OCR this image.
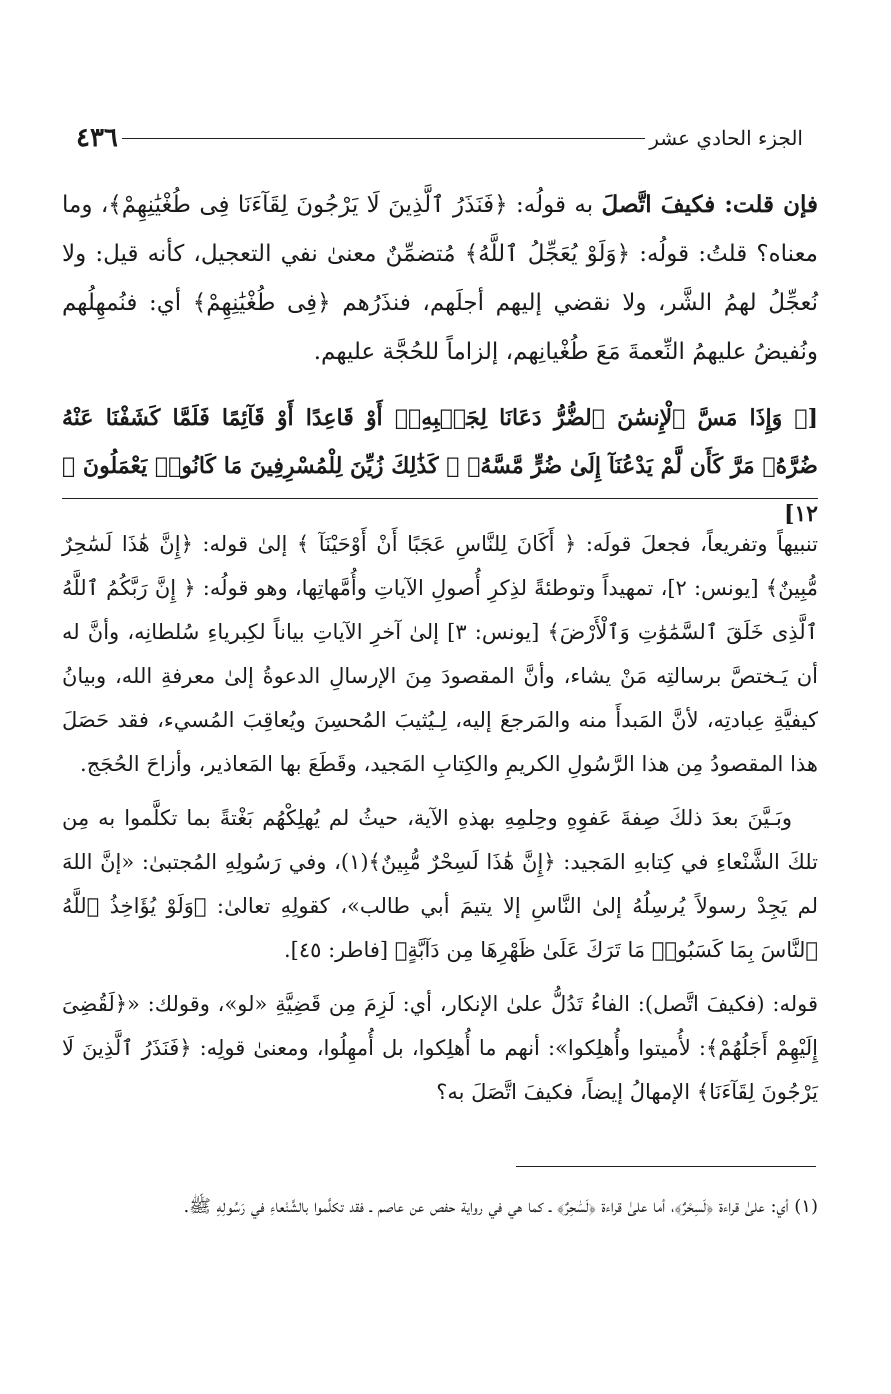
الجزء الحادي عشر
٤٣٦

فإن قلت: فكيفَ اتَّصلَ به قولُه: ﴿فَنَذَرُ ٱلَّذِينَ لَا يَرْجُونَ لِقَآءَنَا فِى طُغْيَٰنِهِمْ﴾، وما معناه؟ قلتُ: قولُه: ﴿وَلَوْ يُعَجِّلُ ٱللَّهُ﴾ مُتضمِّنٌ معنىٰ نفي التعجيل، كأنه قيل: ولا نُعجِّلُ لهمُ الشَّر، ولا نقضي إليهم أجلَهم، فنذَرُهم ﴿فِى طُغْيَٰنِهِمْ﴾ أي: فنُمهِلُهم ونُفيضُ عليهمُ النِّعمةَ مَعَ طُغْيانِهم، إلزاماً للحُجَّة عليهم.

[﴿ وَإِذَا مَسَّ ٱلْإِنسَٰنَ ٱلضُّرُّ دَعَانَا لِجَنۢبِهِۦٓ أَوْ قَاعِدًا أَوْ قَآئِمًا فَلَمَّا كَشَفْنَا عَنْهُ ضُرَّهُۥ مَرَّ كَأَن لَّمْ يَدْعُنَآ إِلَىٰ ضُرٍّ مَّسَّهُۥ ۚ كَذَٰلِكَ زُيِّنَ لِلْمُسْرِفِينَ مَا كَانُوا۟ يَعْمَلُونَ ﴾ ١٢]

تنبيهاً وتفريعاً، فجعلَ قولَه: ﴿ أَكَانَ لِلنَّاسِ عَجَبًا أَنْ أَوْحَيْنَآ ﴾ إلىٰ قوله: ﴿إِنَّ هَٰذَا لَسَٰحِرٌ مُّبِينٌ﴾ [يونس: ٢]، تمهيداً وتوطئةً لذِكرِ أُصولِ الآياتِ وأُمَّهاتِها، وهو قولُه: ﴿ إِنَّ رَبَّكُمُ ٱللَّهُ ٱلَّذِى خَلَقَ ٱلسَّمَٰوَٰتِ وَٱلْأَرْضَ﴾ [يونس: ٣] إلىٰ آخرِ الآياتِ بياناً لكِبرياءِ سُلطانِه، وأنَّ له أن يَـختصَّ برسالتِه مَنْ يشاء، وأنَّ المقصودَ مِنَ الإرسالِ الدعوةُ إلىٰ معرفةِ الله، وبيانُ كيفيَّةِ عِبادتِه، لأنَّ المَبدأَ منه والمَرجعَ إليه، لِـيُثيبَ المُحسِنَ ويُعاقِبَ المُسيء، فقد حَصَلَ هذا المقصودُ مِن هذا الرَّسُولِ الكريمِ والكِتابِ المَجيد، وقَطَعَ بها المَعاذير، وأزاحَ الحُجَج.

وبَـيَّنَ بعدَ ذلكَ صِفةَ عَفوِهِ وحِلمِهِ بهذهِ الآية، حيثُ لم يُهلِكْهُم بَغْتةً بما تكلَّموا به مِن تلكَ الشَّنْعاءِ في كِتابهِ المَجيد: ﴿إِنَّ هَٰذَا لَسِحْرٌ مُّبِينٌ﴾(١)، وفي رَسُولِهِ المُجتبىٰ: «إنَّ اللهَ لم يَجِدْ رسولاً يُرسِلُهُ إلىٰ النَّاسِ إلا يتيمَ أبي طالب»، كقولِهِ تعالىٰ: ﴿وَلَوْ يُؤَاخِذُ ٱللَّهُ ٱلنَّاسَ بِمَا كَسَبُوا۟ مَا تَرَكَ عَلَىٰ ظَهْرِهَا مِن دَآبَّةٍ﴾ [فاطر: ٤٥].

قوله: (فكيفَ اتَّصل): الفاءُ تَدُلُّ علىٰ الإنكار، أي: لَزِمَ مِن قَضِيَّةِ «لو»، وقولك: «﴿لَقُضِىَ إِلَيْهِمْ أَجَلُهُمْ﴾: لأُميتوا وأُهلِكوا»: أنهم ما أُهلِكوا، بل أُمهِلُوا، ومعنىٰ قولِه: ﴿فَنَذَرُ ٱلَّذِينَ لَا يَرْجُونَ لِقَآءَنَا﴾ الإمهالُ إيضاً، فكيفَ اتَّصَلَ به؟

(١) أي: علىٰ قراءة ﴿لَسِحْرٌ﴾، أما علىٰ قراءة ﴿لَسَٰحِرٌ﴾ ـ كما هي في رواية حفص عن عاصم ـ فقد تكلَّموا بالشَّنْعاءِ في رَسُولِهِ ﷺ.
